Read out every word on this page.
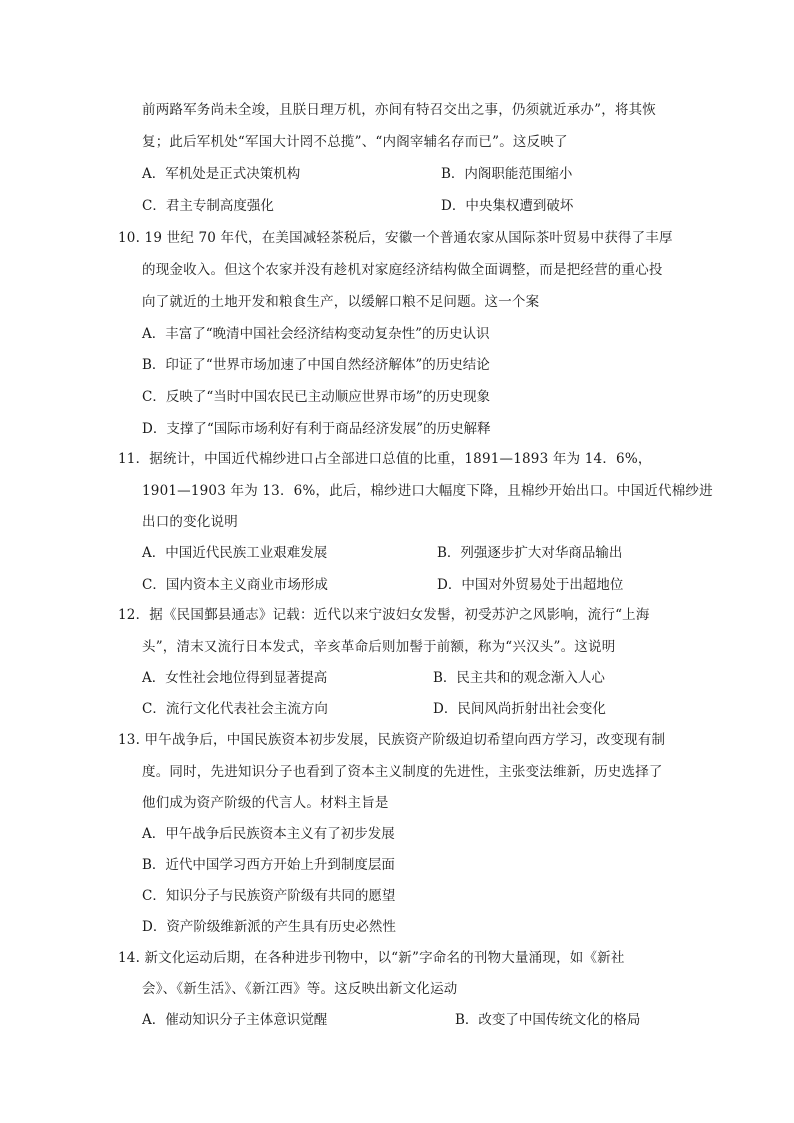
前两路军务尚未全竣，且朕日理万机，亦间有特召交出之事，仍须就近承办”，将其恢
复；此后军机处“军国大计罔不总揽”、“内阁宰辅名存而已”。这反映了
A．军机处是正式决策机构	B．内阁职能范围缩小
C．君主专制高度强化	D．中央集权遭到破坏
10. 19 世纪 70 年代，在美国减轻茶税后，安徽一个普通农家从国际茶叶贸易中获得了丰厚
的现金收入。但这个农家并没有趁机对家庭经济结构做全面调整，而是把经营的重心投
向了就近的土地开发和粮食生产，以缓解口粮不足问题。这一个案
A．丰富了“晚清中国社会经济结构变动复杂性”的历史认识
B．印证了“世界市场加速了中国自然经济解体”的历史结论
C．反映了“当时中国农民已主动顺应世界市场”的历史现象
D．支撑了“国际市场利好有利于商品经济发展”的历史解释
11．据统计，中国近代棉纱进口占全部进口总值的比重，1891—1893 年为 14．6%，
1901—1903 年为 13．6%，此后，棉纱进口大幅度下降，且棉纱开始出口。中国近代棉纱进
出口的变化说明
A．中国近代民族工业艰难发展	B．列强逐步扩大对华商品输出
C．国内资本主义商业市场形成	D．中国对外贸易处于出超地位
12．据《民国鄞县通志》记载：近代以来宁波妇女发髻，初受苏沪之风影响，流行“上海
头”，清末又流行日本发式，辛亥革命后则加髻于前额，称为“兴汉头”。这说明
A．女性社会地位得到显著提高	B．民主共和的观念渐入人心
C．流行文化代表社会主流方向	D．民间风尚折射出社会变化
13. 甲午战争后，中国民族资本初步发展，民族资产阶级迫切希望向西方学习，改变现有制
度。同时，先进知识分子也看到了资本主义制度的先进性，主张变法维新，历史选择了
他们成为资产阶级的代言人。材料主旨是
A．甲午战争后民族资本主义有了初步发展
B．近代中国学习西方开始上升到制度层面
C．知识分子与民族资产阶级有共同的愿望
D．资产阶级维新派的产生具有历史必然性
14. 新文化运动后期，在各种进步刊物中，以“新”字命名的刊物大量涌现，如《新社
会》、《新生活》、《新江西》等。这反映出新文化运动
A．催动知识分子主体意识觉醒	B．改变了中国传统文化的格局
